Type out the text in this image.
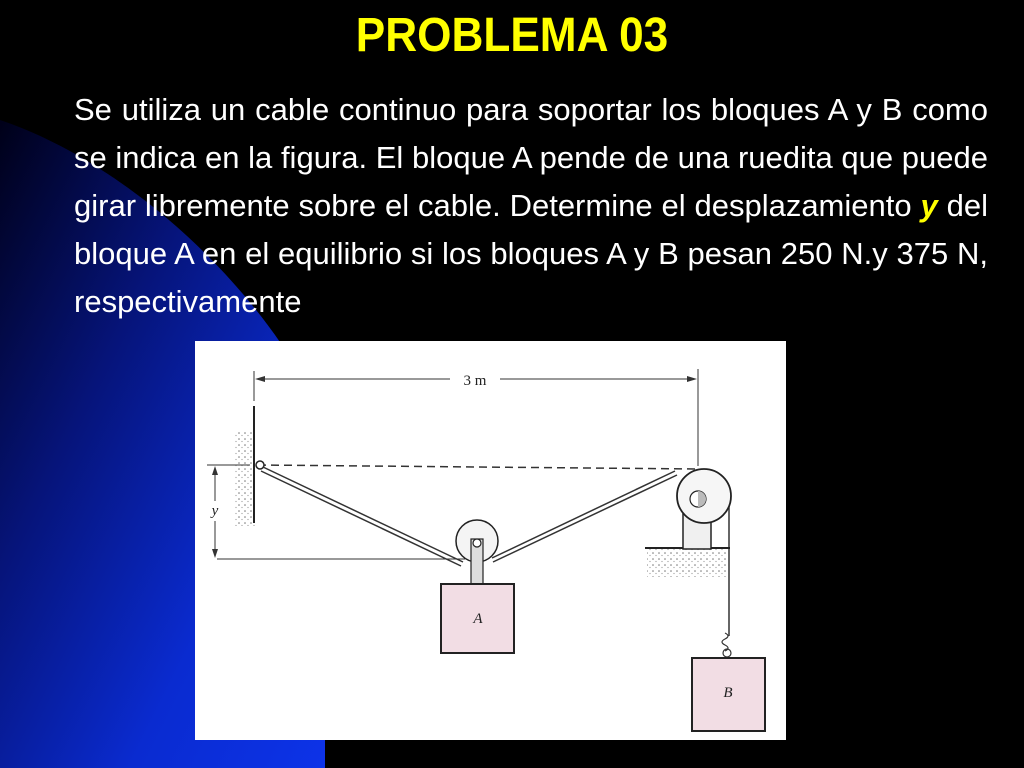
PROBLEMA 03
Se utiliza un cable continuo para soportar los bloques A y B como se indica en la figura. El bloque A pende de una ruedita que puede girar libremente sobre el cable. Determine el desplazamiento y del bloque A en el equilibrio si los bloques A y B pesan 250 N.y 375 N, respectivamente
3 m
y
A
B
